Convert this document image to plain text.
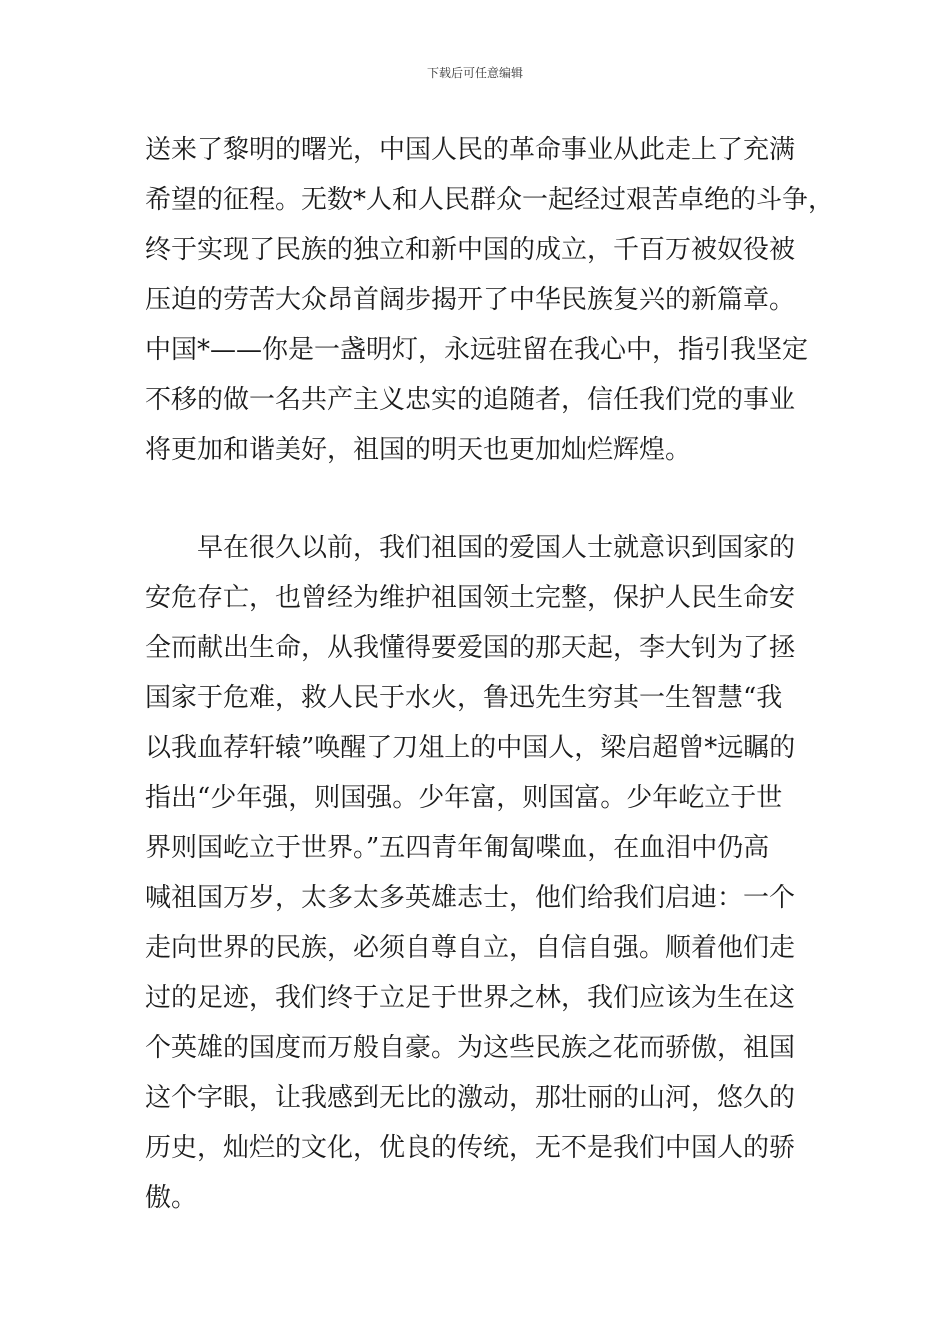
下载后可任意编辑
送来了黎明的曙光，中国人民的革命事业从此走上了充满
希望的征程。无数*人和人民群众一起经过艰苦卓绝的斗争，
终于实现了民族的独立和新中国的成立，千百万被奴役被
压迫的劳苦大众昂首阔步揭开了中华民族复兴的新篇章。
中国*——你是一盏明灯，永远驻留在我心中，指引我坚定
不移的做一名共产主义忠实的追随者，信任我们党的事业
将更加和谐美好，祖国的明天也更加灿烂辉煌。
早在很久以前，我们祖国的爱国人士就意识到国家的
安危存亡，也曾经为维护祖国领土完整，保护人民生命安
全而献出生命，从我懂得要爱国的那天起，李大钊为了拯
国家于危难，救人民于水火，鲁迅先生穷其一生智慧“我
以我血荐轩辕”唤醒了刀俎上的中国人，梁启超曾*远瞩的
指出“少年强，则国强。少年富，则国富。少年屹立于世
界则国屹立于世界。”五四青年匍匐喋血，在血泪中仍高
喊祖国万岁，太多太多英雄志士，他们给我们启迪：一个
走向世界的民族，必须自尊自立，自信自强。顺着他们走
过的足迹，我们终于立足于世界之林，我们应该为生在这
个英雄的国度而万般自豪。为这些民族之花而骄傲，祖国
这个字眼，让我感到无比的激动，那壮丽的山河，悠久的
历史，灿烂的文化，优良的传统，无不是我们中国人的骄
傲。
